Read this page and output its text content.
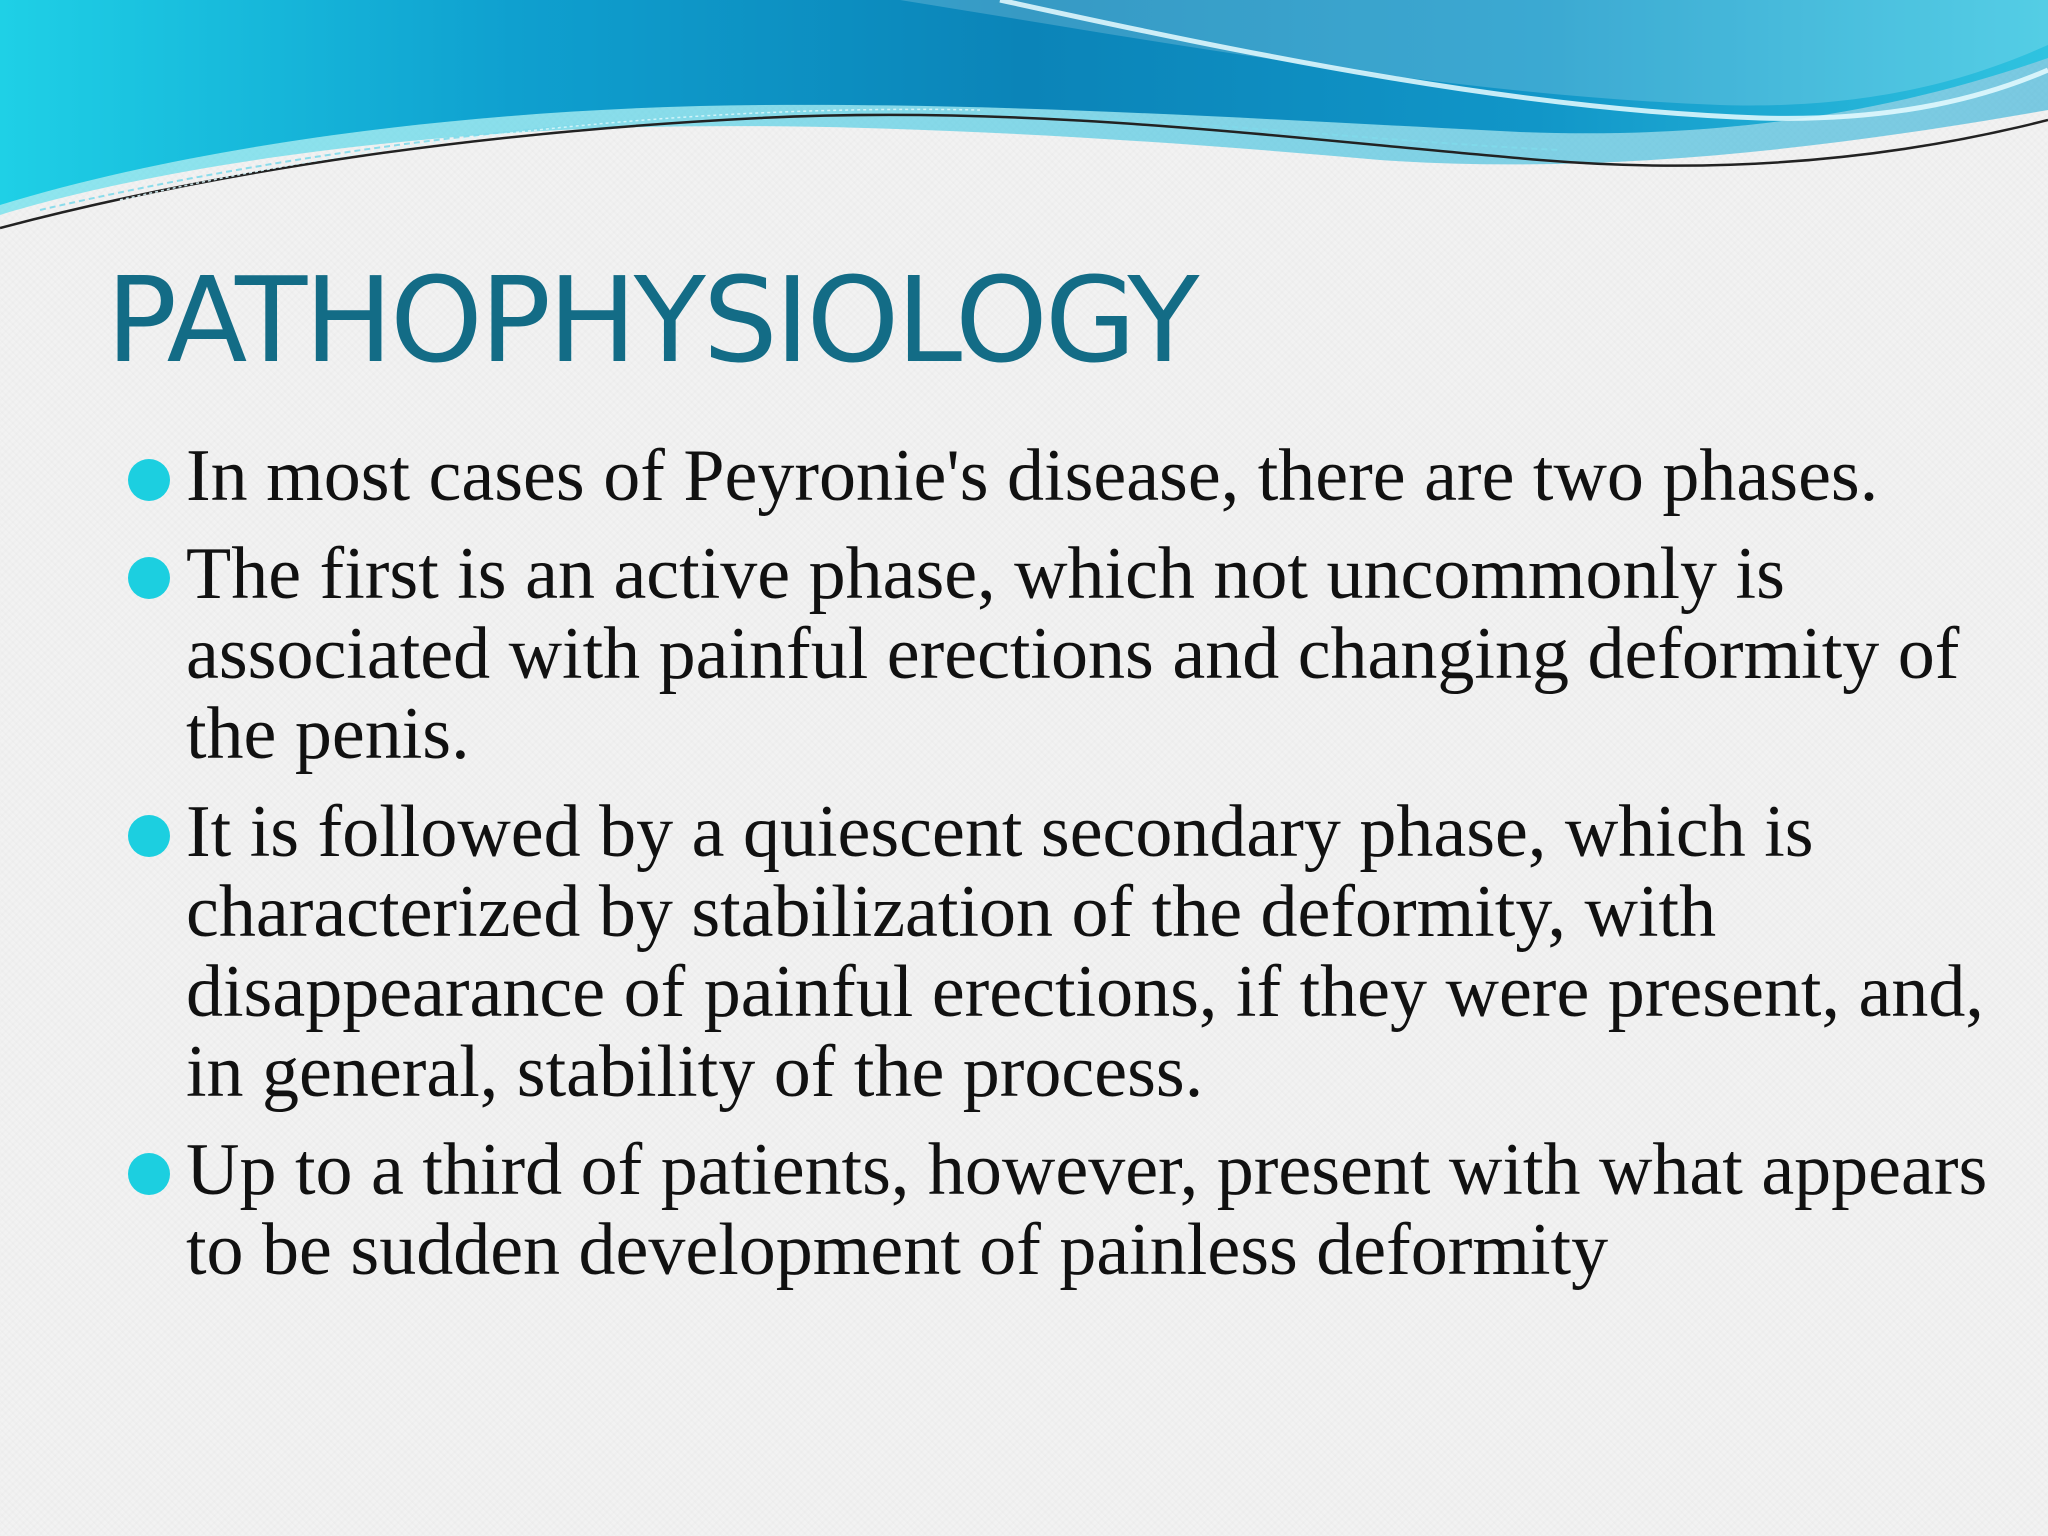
PATHOPHYSIOLOGY
In most cases of Peyronie's disease, there are two phases.
The first is an active phase, which not uncommonly is associated with painful erections and changing deformity of the penis.
It is followed by a quiescent secondary phase, which is characterized by stabilization of the deformity, with disappearance of painful erections, if they were present, and, in general, stability of the process.
Up to a third of patients, however, present with what appears to be sudden development of painless deformity
